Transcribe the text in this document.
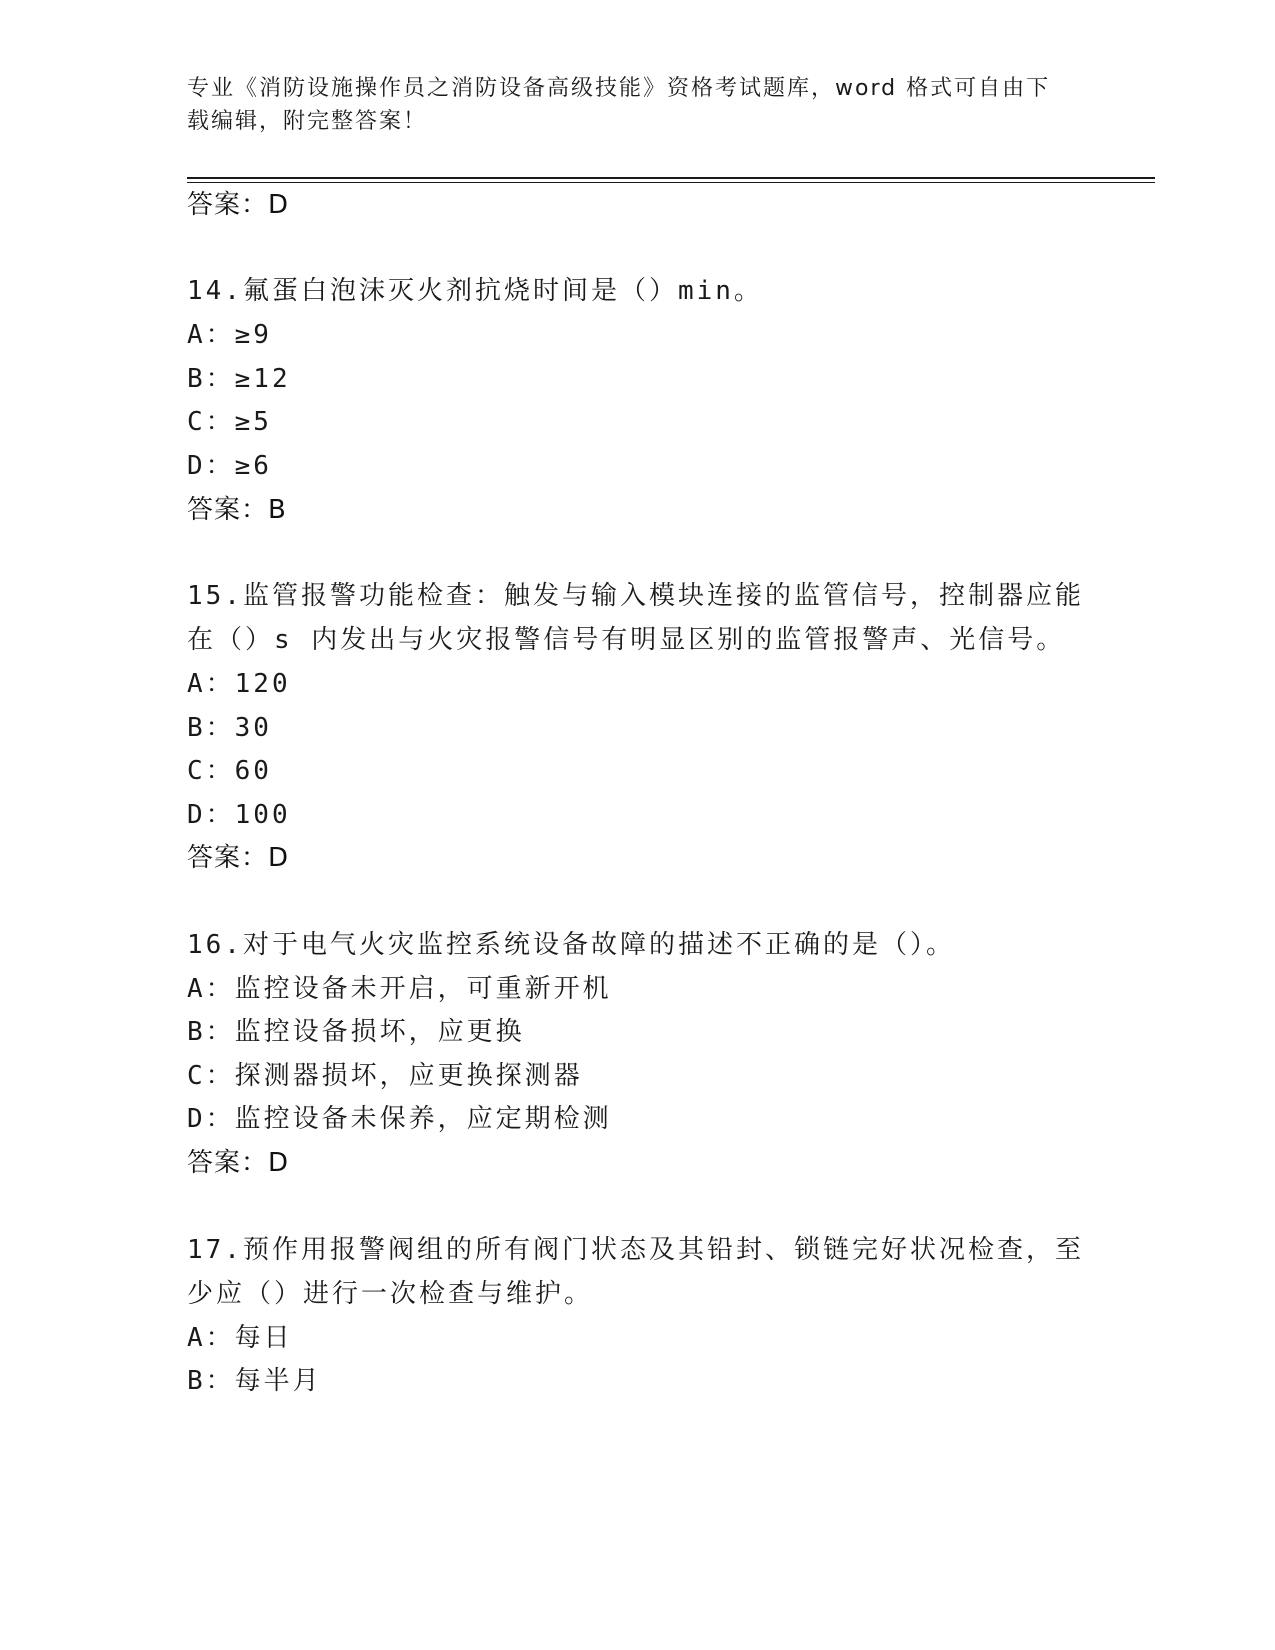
专业《消防设施操作员之消防设备高级技能》资格考试题库，word 格式可自由下
载编辑，附完整答案！
答案：D
14.氟蛋白泡沫灭火剂抗烧时间是（）min。
A：≥9
B：≥12
C：≥5
D：≥6
答案：B
15.监管报警功能检查：触发与输入模块连接的监管信号，控制器应能
在（）s 内发出与火灾报警信号有明显区别的监管报警声、光信号。
A：120
B：30
C：60
D：100
答案：D
16.对于电气火灾监控系统设备故障的描述不正确的是（）。
A：监控设备未开启，可重新开机
B：监控设备损坏，应更换
C：探测器损坏，应更换探测器
D：监控设备未保养，应定期检测
答案：D
17.预作用报警阀组的所有阀门状态及其铅封、锁链完好状况检查，至
少应（）进行一次检查与维护。
A：每日
B：每半月
